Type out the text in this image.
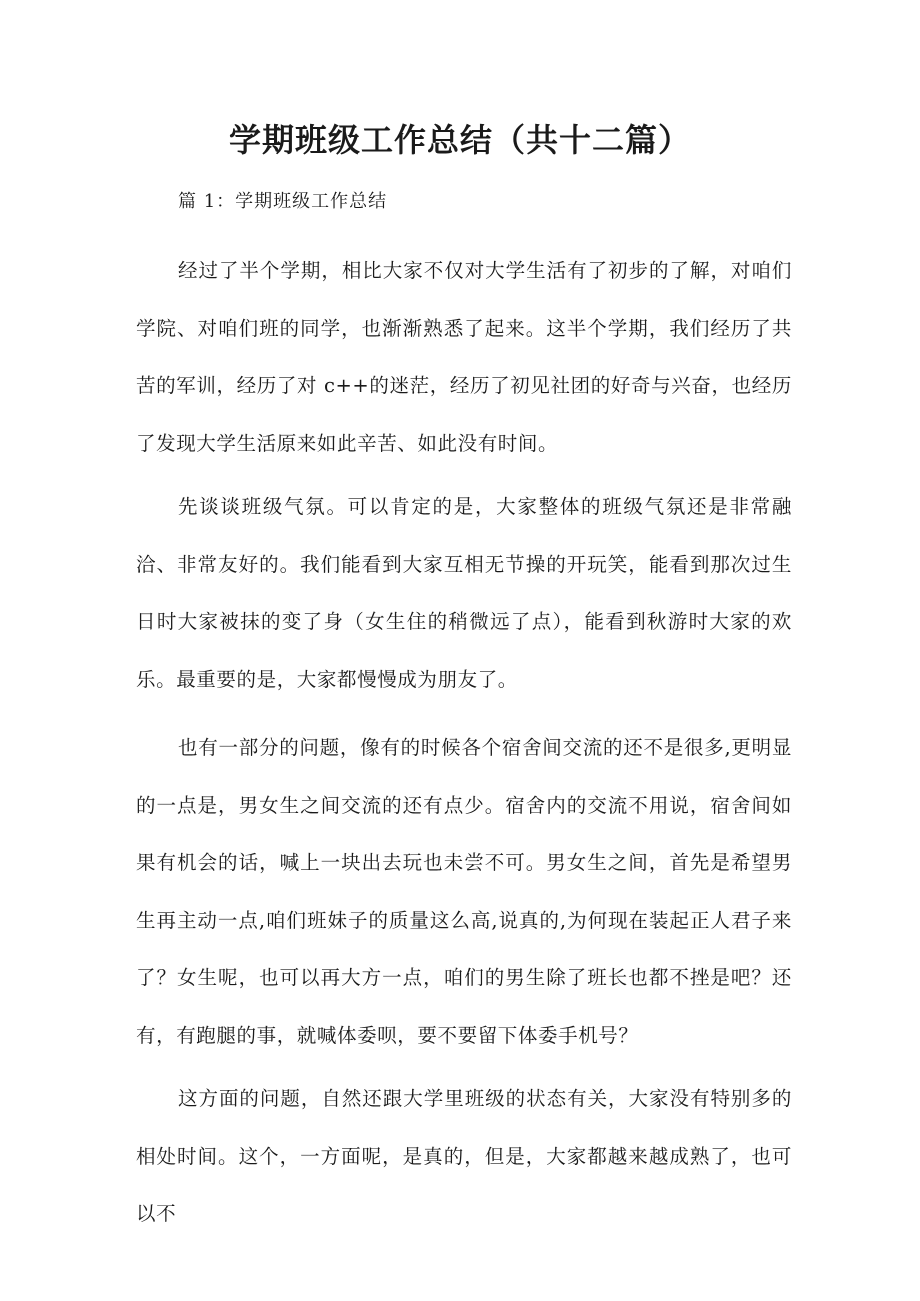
学期班级工作总结（共十二篇）

篇 1：学期班级工作总结

经过了半个学期，相比大家不仅对大学生活有了初步的了解，对咱们学院、对咱们班的同学，也渐渐熟悉了起来。这半个学期，我们经历了共苦的军训，经历了对 c++的迷茫，经历了初见社团的好奇与兴奋，也经历了发现大学生活原来如此辛苦、如此没有时间。

先谈谈班级气氛。可以肯定的是，大家整体的班级气氛还是非常融洽、非常友好的。我们能看到大家互相无节操的开玩笑，能看到那次过生日时大家被抹的变了身（女生住的稍微远了点），能看到秋游时大家的欢乐。最重要的是，大家都慢慢成为朋友了。

也有一部分的问题，像有的时候各个宿舍间交流的还不是很多,更明显的一点是，男女生之间交流的还有点少。宿舍内的交流不用说，宿舍间如果有机会的话，喊上一块出去玩也未尝不可。男女生之间，首先是希望男生再主动一点,咱们班妹子的质量这么高,说真的,为何现在装起正人君子来了？女生呢，也可以再大方一点，咱们的男生除了班长也都不挫是吧？还有，有跑腿的事，就喊体委呗，要不要留下体委手机号？

这方面的问题，自然还跟大学里班级的状态有关，大家没有特别多的相处时间。这个，一方面呢，是真的，但是，大家都越来越成熟了，也可以不
